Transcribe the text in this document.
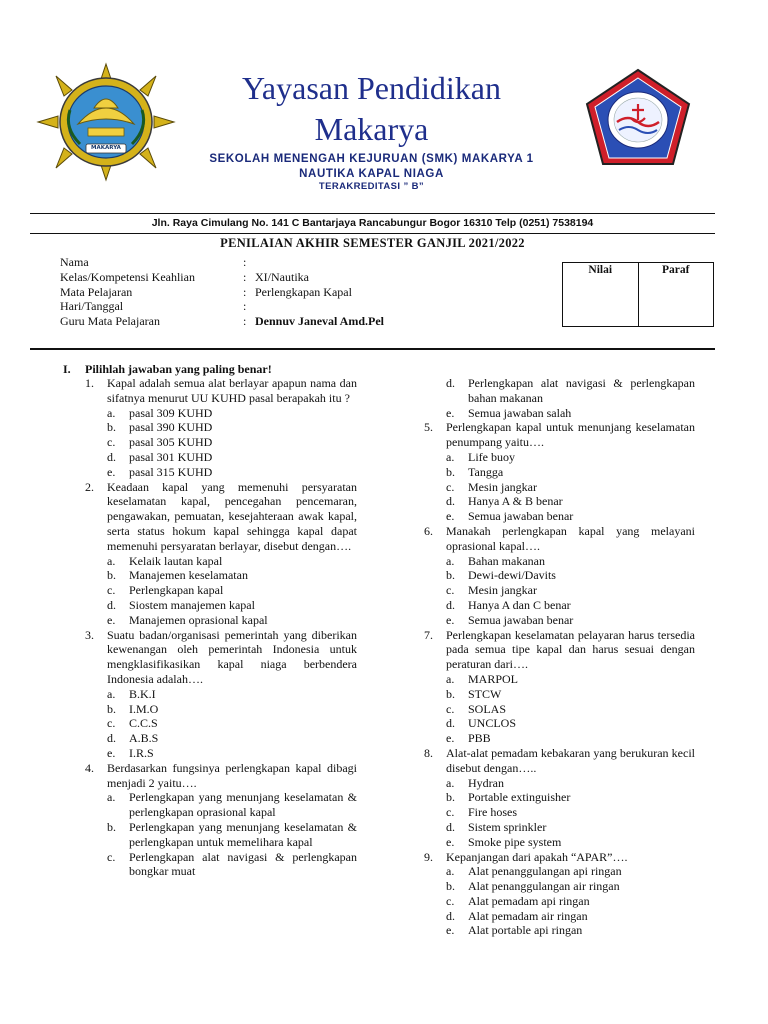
MAKARYA
Yayasan Pendidikan
Makarya
SEKOLAH MENENGAH KEJURUAN (SMK) MAKARYA 1
NAUTIKA KAPAL NIAGA
TERAKREDITASI ” B”
Jln. Raya Cimulang No. 141 C Bantarjaya Rancabungur Bogor 16310 Telp (0251) 7538194
PENILAIAN AKHIR SEMESTER GANJIL 2021/2022
Nama	:
Kelas/Kompetensi Keahlian	: XI/Nautika
Mata Pelajaran	: Perlengkapan Kapal
Hari/Tanggal	:
Guru Mata Pelajaran	: Dennuv Janeval Amd.Pel
Nilai	Paraf
I.	Pilihlah jawaban yang paling benar!
1.	Kapal adalah semua alat berlayar apapun nama dan sifatnya menurut UU KUHD pasal berapakah itu ?
a.	pasal 309 KUHD
b.	pasal 390 KUHD
c.	pasal 305 KUHD
d.	pasal 301 KUHD
e.	pasal 315 KUHD
2.	Keadaan kapal yang memenuhi persyaratan keselamatan kapal, pencegahan pencemaran, pengawakan, pemuatan, kesejahteraan awak kapal, serta status hokum kapal sehingga kapal dapat memenuhi persyaratan berlayar, disebut dengan….
a.	Kelaik lautan kapal
b.	Manajemen keselamatan
c.	Perlengkapan kapal
d.	Siostem manajemen kapal
e.	Manajemen oprasional kapal
3.	Suatu badan/organisasi pemerintah yang diberikan kewenangan oleh pemerintah Indonesia untuk mengklasifikasikan kapal niaga berbendera Indonesia adalah….
a.	B.K.I
b.	I.M.O
c.	C.C.S
d.	A.B.S
e.	I.R.S
4.	Berdasarkan fungsinya perlengkapan kapal dibagi menjadi 2 yaitu….
a.	Perlengkapan yang menunjang keselamatan & perlengkapan oprasional kapal
b.	Perlengkapan yang menunjang keselamatan & perlengkapan untuk memelihara kapal
c.	Perlengkapan alat navigasi & perlengkapan bongkar muat
d.	Perlengkapan alat navigasi & perlengkapan bahan makanan
e.	Semua jawaban salah
5.	Perlengkapan kapal untuk menunjang keselamatan penumpang yaitu….
a.	Life buoy
b.	Tangga
c.	Mesin jangkar
d.	Hanya A & B benar
e.	Semua jawaban benar
6.	Manakah perlengkapan kapal yang melayani oprasional kapal….
a.	Bahan makanan
b.	Dewi-dewi/Davits
c.	Mesin jangkar
d.	Hanya A dan C benar
e.	Semua jawaban benar
7.	Perlengkapan keselamatan pelayaran harus tersedia pada semua tipe kapal dan harus sesuai dengan peraturan dari….
a.	MARPOL
b.	STCW
c.	SOLAS
d.	UNCLOS
e.	PBB
8.	Alat-alat pemadam kebakaran yang berukuran kecil disebut dengan…..
a.	Hydran
b.	Portable extinguisher
c.	Fire hoses
d.	Sistem sprinkler
e.	Smoke pipe system
9.	Kepanjangan dari apakah “APAR”….
a.	Alat penanggulangan api ringan
b.	Alat penanggulangan air ringan
c.	Alat pemadam api ringan
d.	Alat pemadam air ringan
e.	Alat portable api ringan
